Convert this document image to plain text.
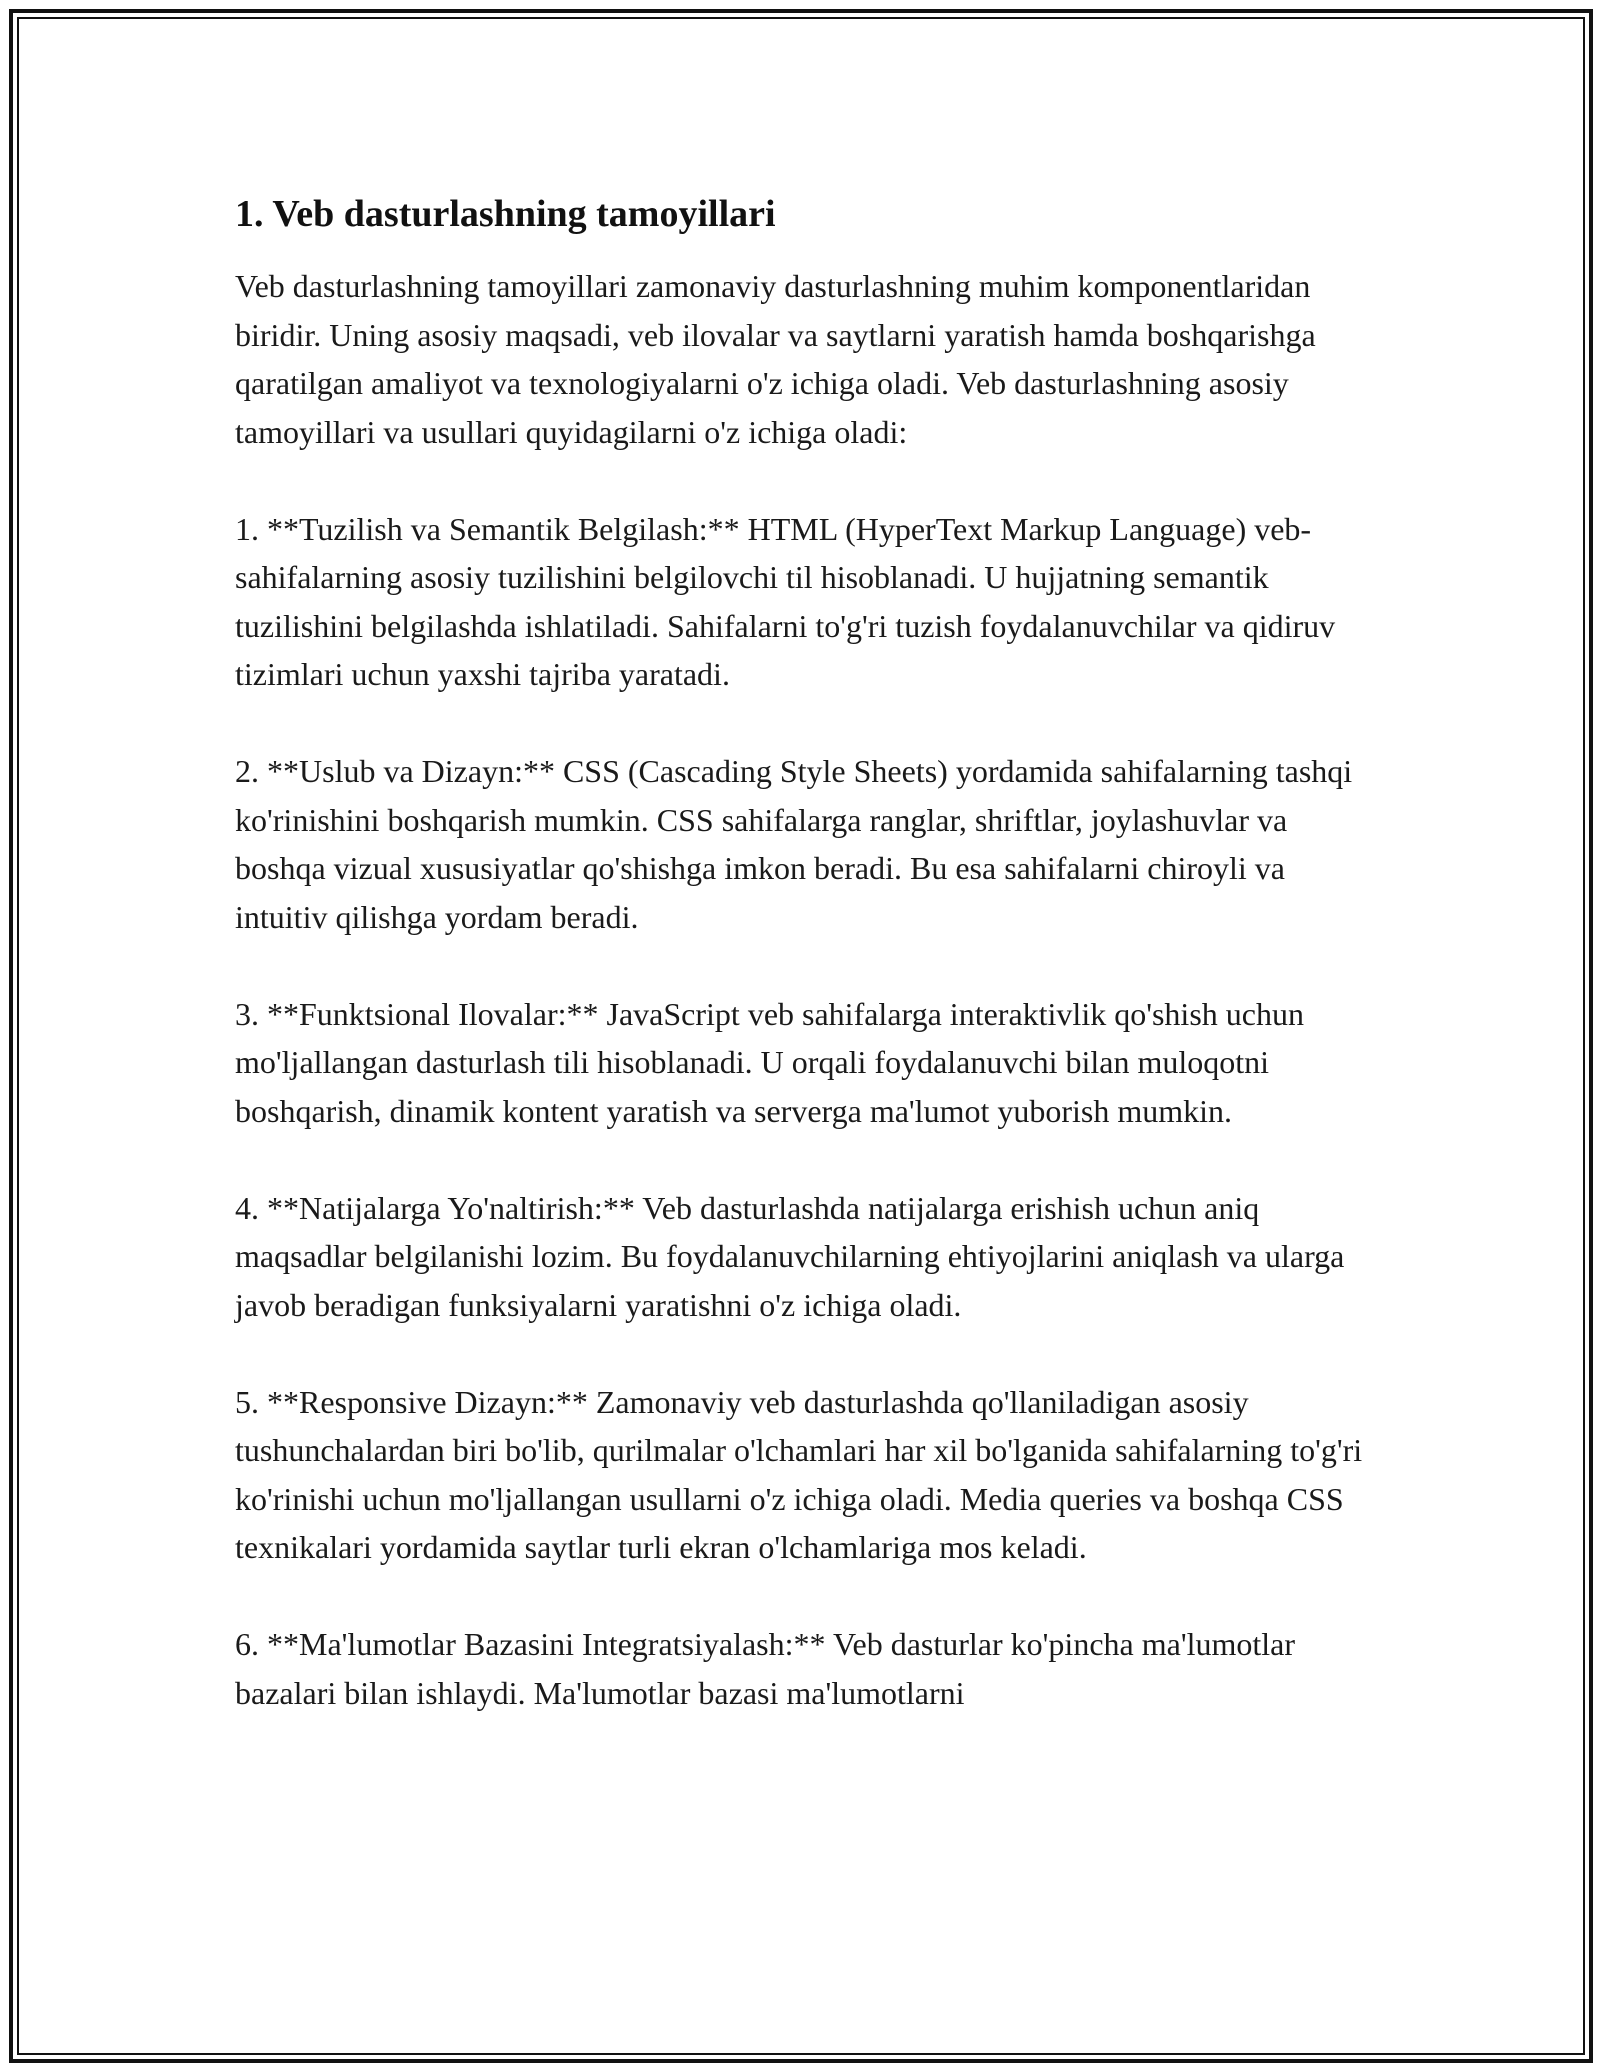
1. Veb dasturlashning tamoyillari

Veb dasturlashning tamoyillari zamonaviy dasturlashning muhim komponentlaridan biridir. Uning asosiy maqsadi, veb ilovalar va saytlarni yaratish hamda boshqarishga qaratilgan amaliyot va texnologiyalarni o'z ichiga oladi. Veb dasturlashning asosiy tamoyillari va usullari quyidagilarni o'z ichiga oladi:

1. **Tuzilish va Semantik Belgilash:** HTML (HyperText Markup Language) veb-sahifalarning asosiy tuzilishini belgilovchi til hisoblanadi. U hujjatning semantik tuzilishini belgilashda ishlatiladi. Sahifalarni to'g'ri tuzish foydalanuvchilar va qidiruv tizimlari uchun yaxshi tajriba yaratadi.

2. **Uslub va Dizayn:** CSS (Cascading Style Sheets) yordamida sahifalarning tashqi ko'rinishini boshqarish mumkin. CSS sahifalarga ranglar, shriftlar, joylashuvlar va boshqa vizual xususiyatlar qo'shishga imkon beradi. Bu esa sahifalarni chiroyli va intuitiv qilishga yordam beradi.

3. **Funktsional Ilovalar:** JavaScript veb sahifalarga interaktivlik qo'shish uchun mo'ljallangan dasturlash tili hisoblanadi. U orqali foydalanuvchi bilan muloqotni boshqarish, dinamik kontent yaratish va serverga ma'lumot yuborish mumkin.

4. **Natijalarga Yo'naltirish:** Veb dasturlashda natijalarga erishish uchun aniq maqsadlar belgilanishi lozim. Bu foydalanuvchilarning ehtiyojlarini aniqlash va ularga javob beradigan funksiyalarni yaratishni o'z ichiga oladi.

5. **Responsive Dizayn:** Zamonaviy veb dasturlashda qo'llaniladigan asosiy tushunchalardan biri bo'lib, qurilmalar o'lchamlari har xil bo'lganida sahifalarning to'g'ri ko'rinishi uchun mo'ljallangan usullarni o'z ichiga oladi. Media queries va boshqa CSS texnikalari yordamida saytlar turli ekran o'lchamlariga mos keladi.

6. **Ma'lumotlar Bazasini Integratsiyalash:** Veb dasturlar ko'pincha ma'lumotlar bazalari bilan ishlaydi. Ma'lumotlar bazasi ma'lumotlarni
